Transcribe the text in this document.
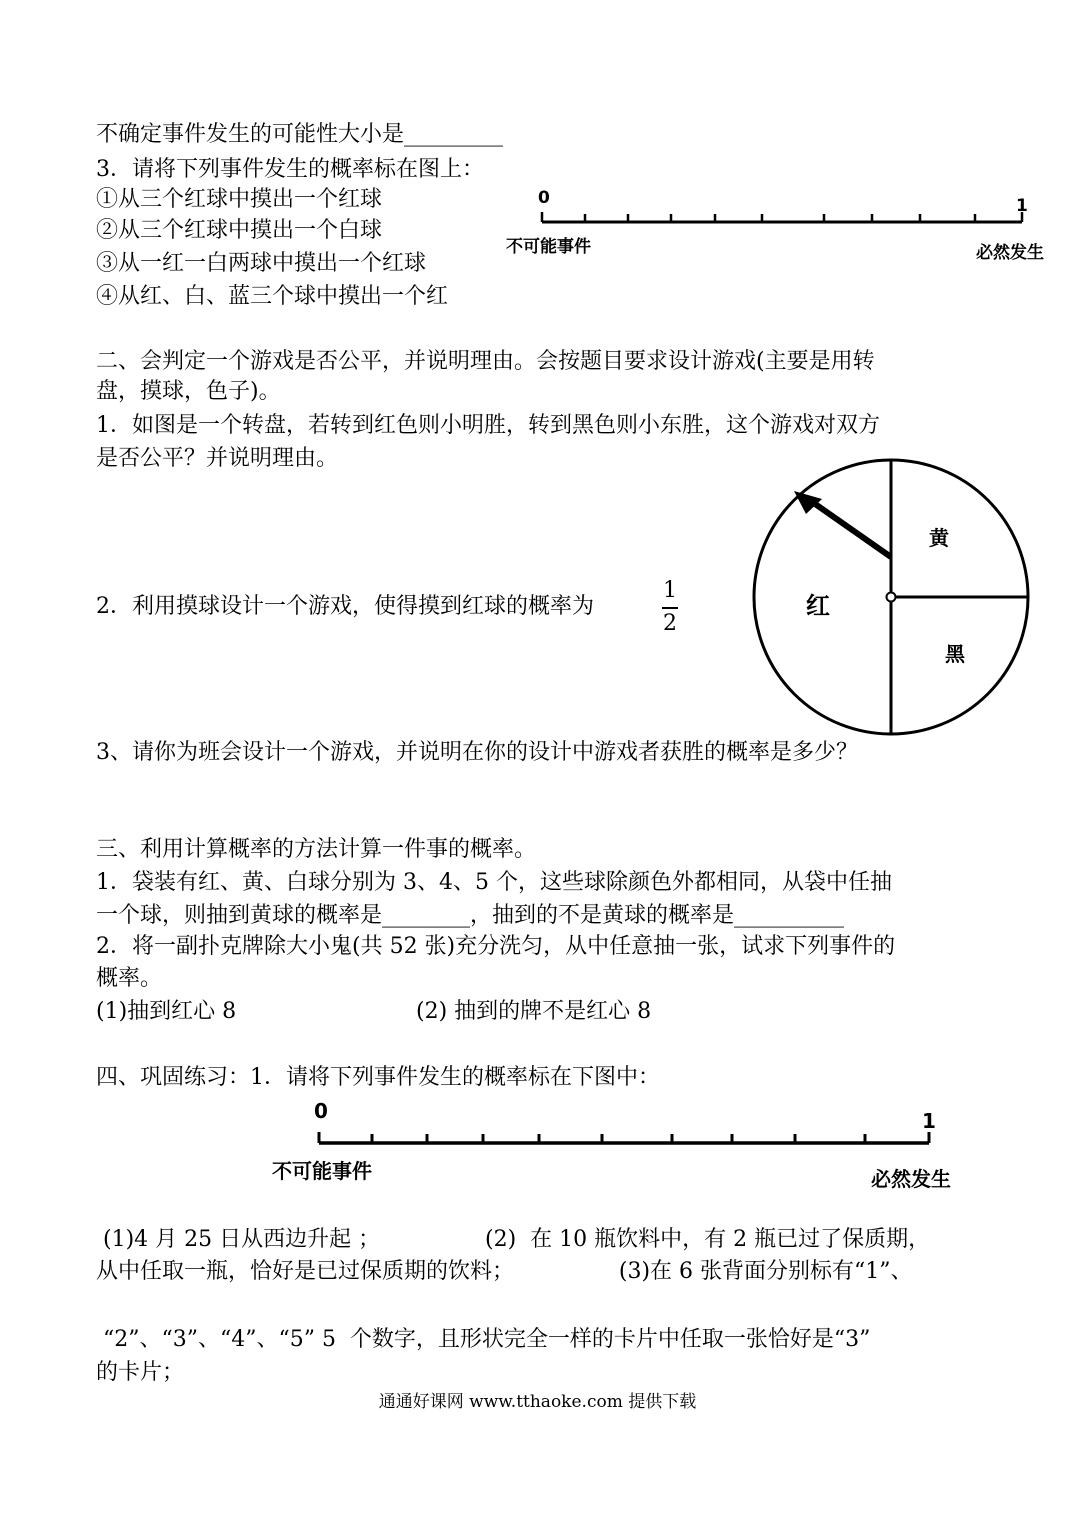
不确定事件发生的可能性大小是_________
3．请将下列事件发生的概率标在图上：
①从三个红球中摸出一个红球
②从三个红球中摸出一个白球
③从一红一白两球中摸出一个红球
④从红、白、蓝三个球中摸出一个红
0	1
不可能事件	必然发生
二、会判定一个游戏是否公平，并说明理由。会按题目要求设计游戏(主要是用转
盘，摸球，色子)。
1．如图是一个转盘，若转到红色则小明胜，转到黑色则小东胜，这个游戏对双方
是否公平？并说明理由。
黄
红
黑
2．利用摸球设计一个游戏，使得摸到红球的概率为
1
2
3、请你为班会设计一个游戏，并说明在你的设计中游戏者获胜的概率是多少？
三、利用计算概率的方法计算一件事的概率。
1．袋装有红、黄、白球分别为 3、4、5 个，这些球除颜色外都相同，从袋中任抽
一个球，则抽到黄球的概率是________，抽到的不是黄球的概率是__________
2．将一副扑克牌除大小鬼(共 52 张)充分洗匀，从中任意抽一张，试求下列事件的
概率。
(1)抽到红心 8	(2) 抽到的牌不是红心 8
四、巩固练习：1．请将下列事件发生的概率标在下图中：
0	1
不可能事件	必然发生
(1)4 月 25 日从西边升起 ；               (2)  在 10 瓶饮料中，有 2 瓶已过了保质期，
从中任取一瓶，恰好是已过保质期的饮料；               (3)在 6 张背面分别标有“1”、
“2”、“3”、“4”、“5” 5  个数字，且形状完全一样的卡片中任取一张恰好是“3”
的卡片；
通通好课网 www.tthaoke.com 提供下载
